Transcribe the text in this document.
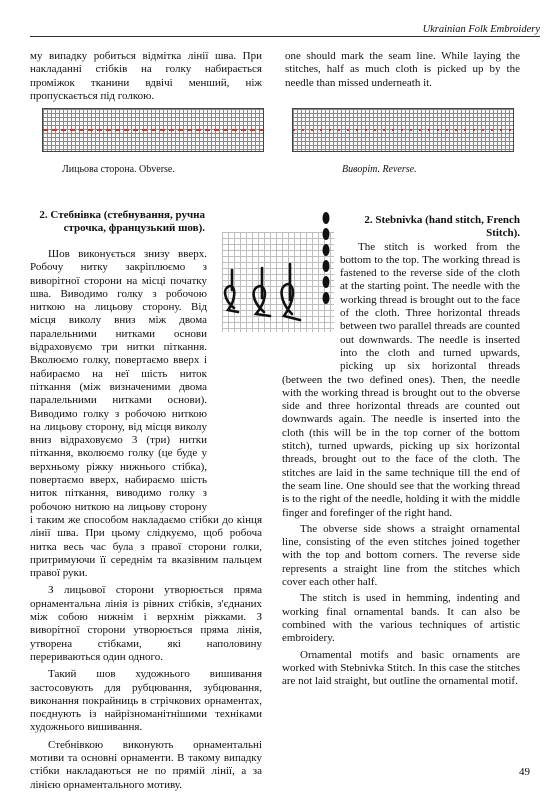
Ukrainian Folk Embroidery

му випадку робиться відмітка лінії шва. При накладанні стібків на голку набирається проміжок тканини вдвічі менший, ніж пропускається під голкою.

one should mark the seam line. While laying the stitches, half as much cloth is picked up by the needle than missed underneath it.

Лицьова сторона. Obverse.	Виворіт. Reverse.

2. Стебнівка (стебнування, ручна строчка, французький шов).

Шов виконується знизу вверх. Робочу нитку закріплюємо з виворітної сторони на місці початку шва. Виводимо голку з робочою ниткою на лицьову сторону. Від місця виколу вниз між двома паралельними нитками основи відраховуємо три нитки піткання. Вколюємо голку, повертаємо вверх і набираємо на неї шість ниток піткання (між визначеними двома паралельними нитками основи). Виводимо голку з робочою ниткою на лицьову сторону, від місця виколу вниз відраховуємо 3 (три) нитки піткання, вколюємо голку (це буде у верхньому ріжку нижнього стібка), повертаємо вверх, набираємо шість ниток піткання, виводимо голку з робочою ниткою на лицьову сторону і таким же способом накладаємо стібки до кінця лінії шва. При цьому слідкуємо, щоб робоча нитка весь час була з правої сторони голки, притримуючи її середнім та вказівним пальцем правої руки.

З лицьової сторони утворюється пряма орнаментальна лінія із рівних стібків, з'єднаних між собою нижнім і верхнім ріжками. З виворітної сторони утворюється пряма лінія, утворена стібками, які наполовину перериваються один одного.

Такий шов художнього вишивання застосовують для рубцювання, зубцювання, виконання покрайниць в стрічкових орнаментах, поєднують із найрізноманітнішими техніками художнього вишивання.

Стебнівкою виконують орнаментальні мотиви та основні орнаменти. В такому випадку стібки накладаються не по прямій лінії, а за лінією орнаментального мотиву.

2. Stebnivka (hand stitch, French Stitch).

The stitch is worked from the bottom to the top. The working thread is fastened to the reverse side of the cloth at the starting point. The needle with the working thread is brought out to the face of the cloth. Three horizontal threads between two parallel threads are counted out downwards. The needle is inserted into the cloth and turned upwards, picking up six horizontal threads (between the two defined ones). Then, the needle with the working thread is brought out to the obverse side and three horizontal threads are counted out downwards again. The needle is inserted into the cloth (this will be in the top corner of the bottom stitch), turned upwards, picking up six horizontal threads, brought out to the face of the cloth. The stitches are laid in the same technique till the end of the seam line. One should see that the working thread is to the right of the needle, holding it with the middle finger and forefinger of the right hand.

The obverse side shows a straight ornamental line, consisting of the even stitches joined together with the top and bottom corners. The reverse side represents a straight line from the stitches which cover each other half.

The stitch is used in hemming, indenting and working final ornamental bands. It can also be combined with the various techniques of artistic embroidery.

Ornamental motifs and basic ornaments are worked with Stebnivka Stitch. In this case the stitches are not laid straight, but outline the ornamental motif.

49
